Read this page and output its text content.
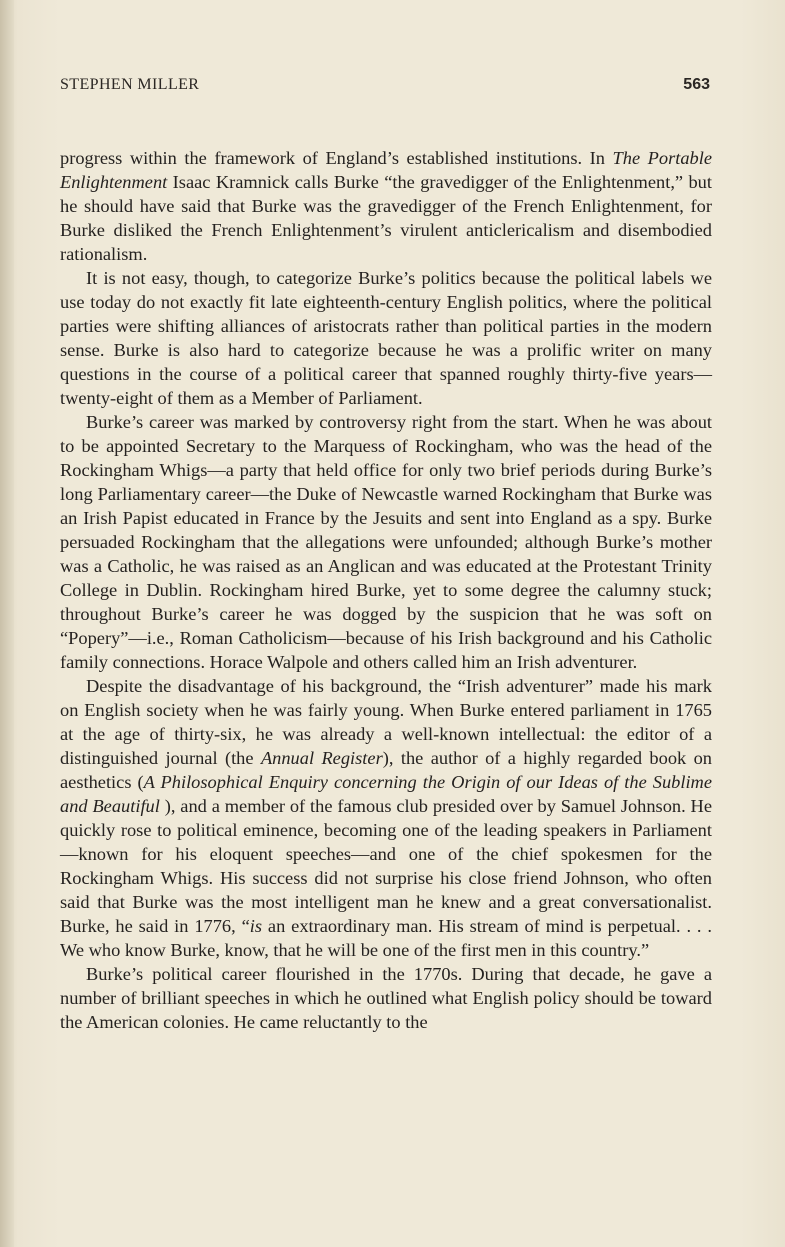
STEPHEN MILLER	563

progress within the framework of England’s established institutions. In The Portable Enlightenment Isaac Kramnick calls Burke “the gravedigger of the Enlightenment,” but he should have said that Burke was the gravedigger of the French Enlightenment, for Burke disliked the French Enlightenment’s virulent anticlericalism and disembodied rationalism.

It is not easy, though, to categorize Burke’s politics because the political labels we use today do not exactly fit late eighteenth-century English politics, where the political parties were shifting alliances of aristocrats rather than political parties in the modern sense. Burke is also hard to categorize because he was a prolific writer on many questions in the course of a political career that spanned roughly thirty-five years—twenty-eight of them as a Member of Parliament.

Burke’s career was marked by controversy right from the start. When he was about to be appointed Secretary to the Marquess of Rockingham, who was the head of the Rockingham Whigs—a party that held office for only two brief periods during Burke’s long Parliamentary career—the Duke of Newcastle warned Rockingham that Burke was an Irish Papist educated in France by the Jesuits and sent into England as a spy. Burke persuaded Rockingham that the allegations were unfounded; although Burke’s mother was a Catholic, he was raised as an Anglican and was educated at the Protestant Trinity College in Dublin. Rockingham hired Burke, yet to some degree the calumny stuck; throughout Burke’s career he was dogged by the suspicion that he was soft on “Popery”—i.e., Roman Catholicism—because of his Irish background and his Catholic family connections. Horace Walpole and others called him an Irish adventurer.

Despite the disadvantage of his background, the “Irish adventurer” made his mark on English society when he was fairly young. When Burke entered parliament in 1765 at the age of thirty-six, he was already a well-known intellectual: the editor of a distinguished journal (the Annual Register), the author of a highly regarded book on aesthetics (A Philosophical Enquiry concerning the Origin of our Ideas of the Sublime and Beautiful ), and a member of the famous club presided over by Samuel Johnson. He quickly rose to political eminence, becoming one of the leading speakers in Parliament—known for his eloquent speeches—and one of the chief spokesmen for the Rockingham Whigs. His success did not surprise his close friend Johnson, who often said that Burke was the most intelligent man he knew and a great conversationalist. Burke, he said in 1776, “is an extraordinary man. His stream of mind is perpetual. . . . We who know Burke, know, that he will be one of the first men in this country.”

Burke’s political career flourished in the 1770s. During that decade, he gave a number of brilliant speeches in which he outlined what English policy should be toward the American colonies. He came reluctantly to the
